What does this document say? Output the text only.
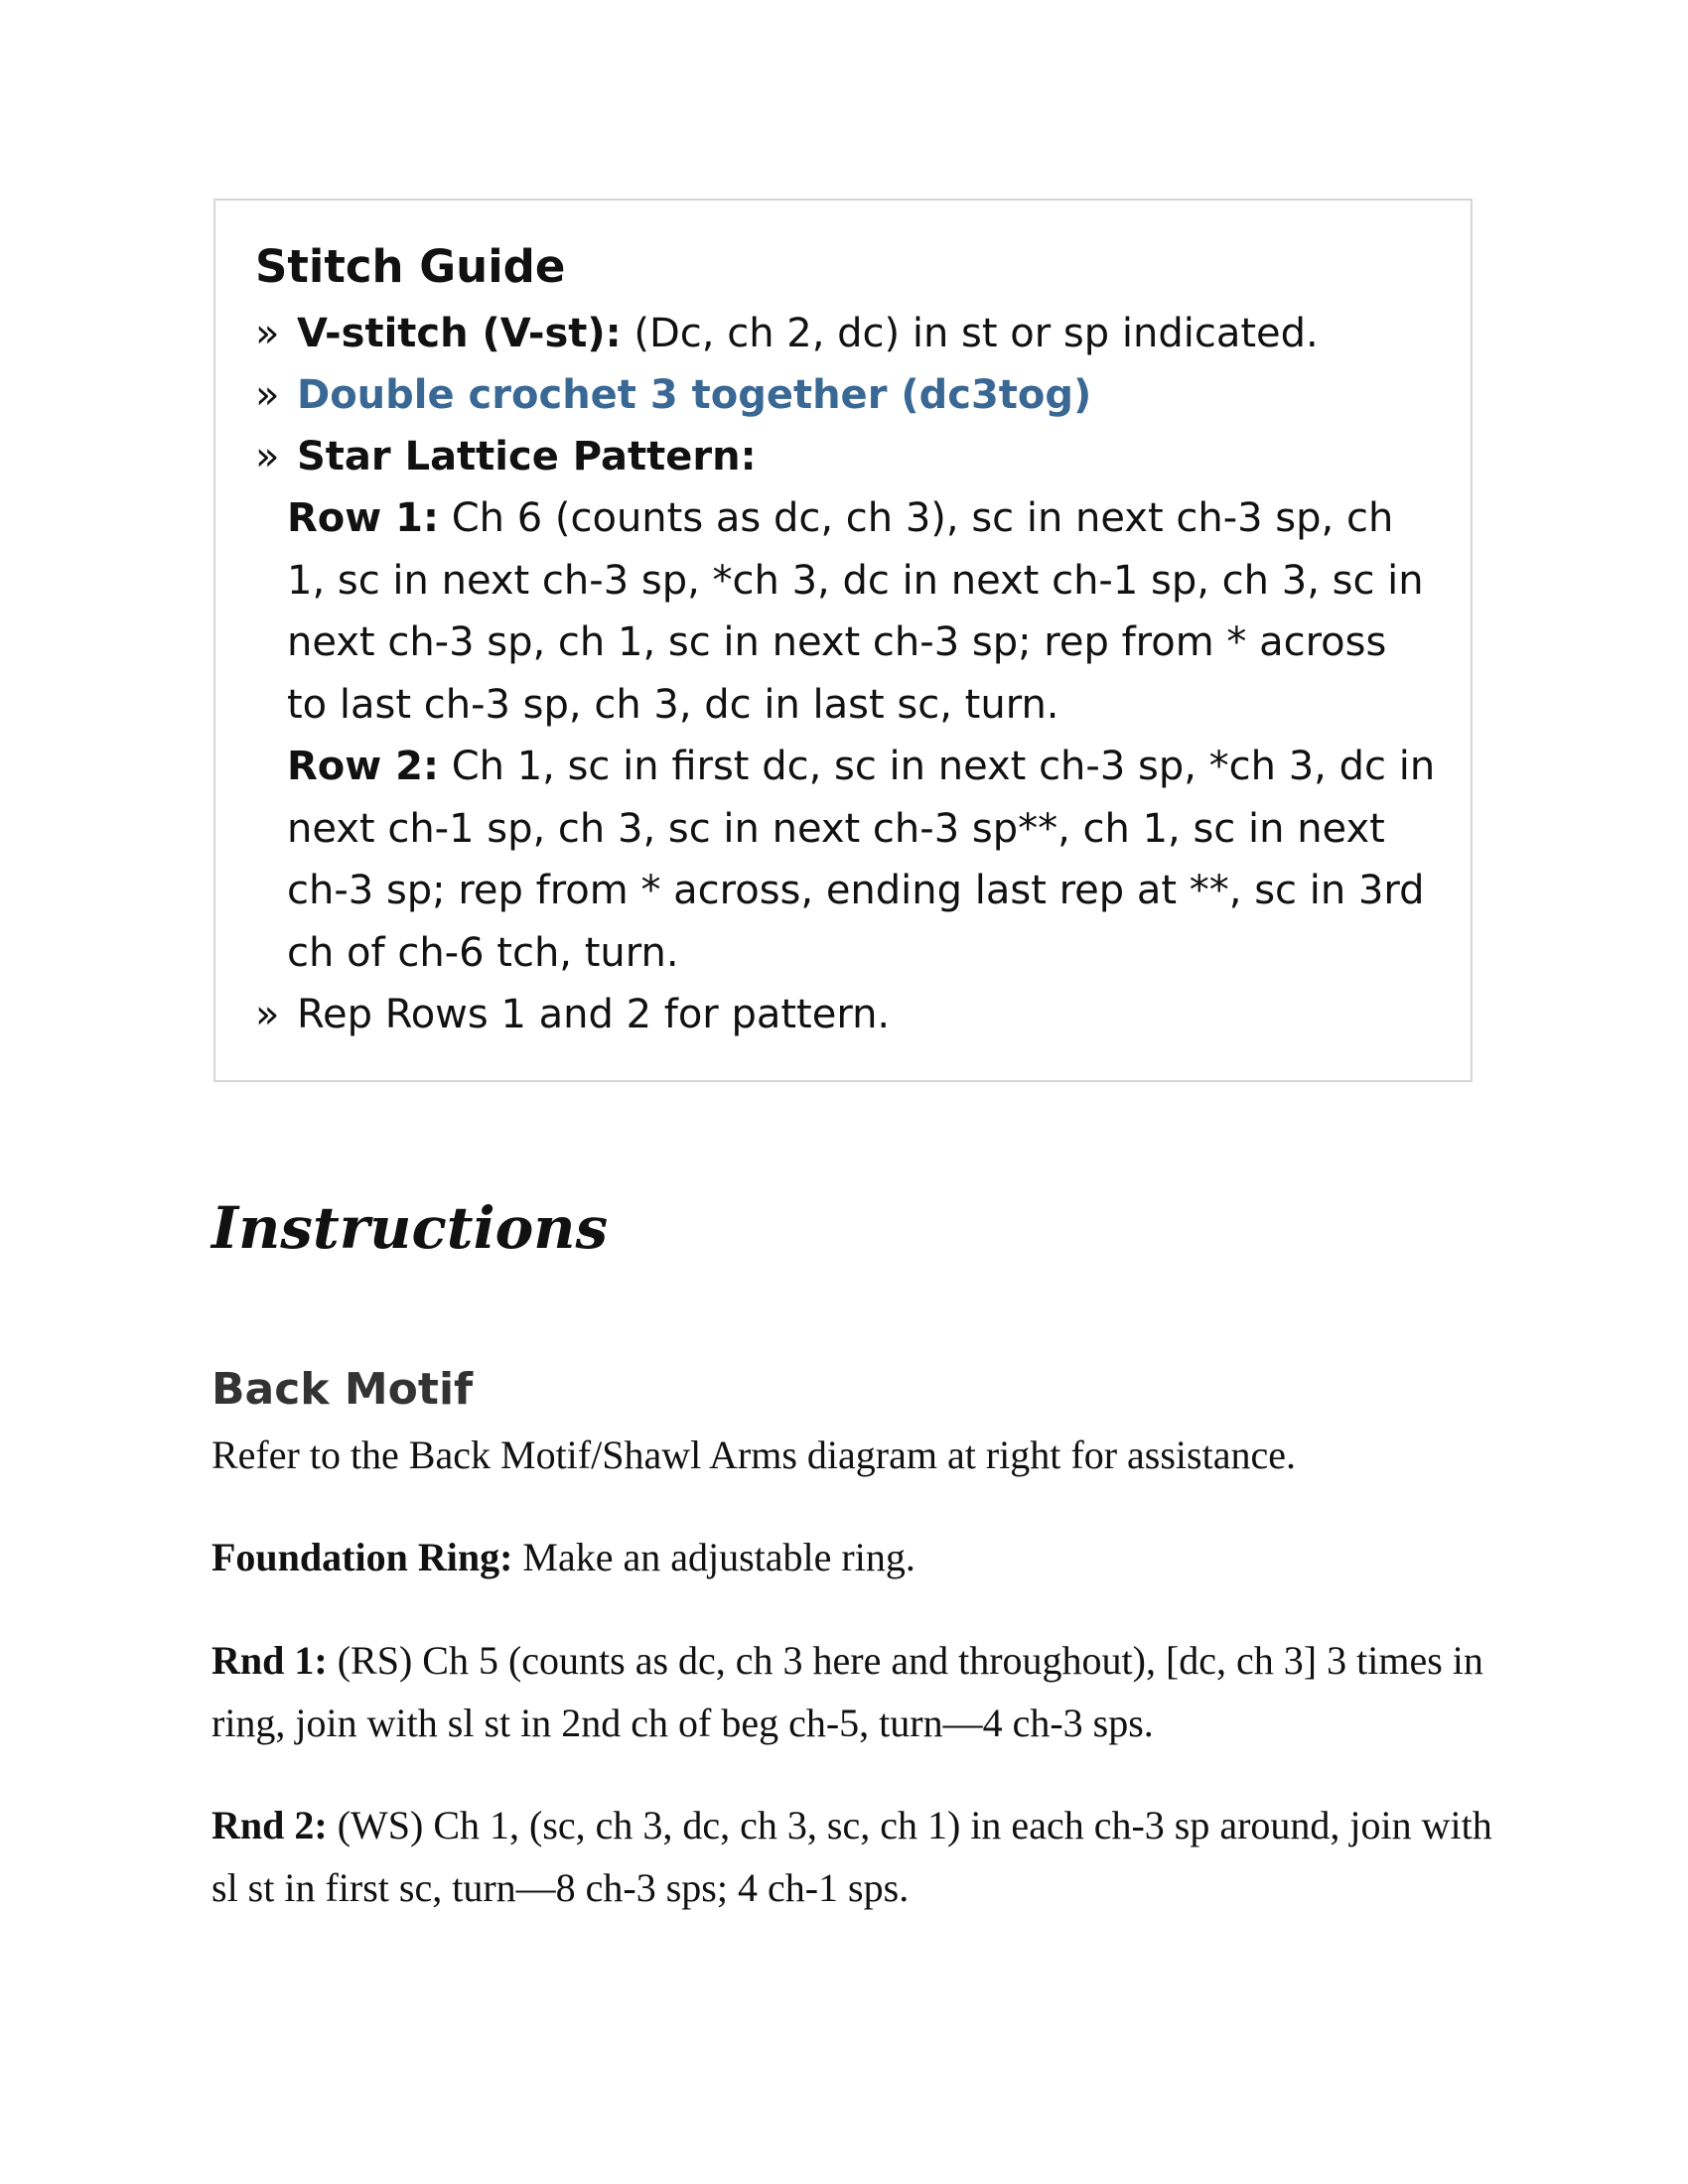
Stitch Guide

» V-stitch (V-st): (Dc, ch 2, dc) in st or sp indicated.

» Double crochet 3 together (dc3tog)

» Star Lattice Pattern:

Row 1: Ch 6 (counts as dc, ch 3), sc in next ch-3 sp, ch 1, sc in next ch-3 sp, *ch 3, dc in next ch-1 sp, ch 3, sc in next ch-3 sp, ch 1, sc in next ch-3 sp; rep from * across to last ch-3 sp, ch 3, dc in last sc, turn.

Row 2: Ch 1, sc in first dc, sc in next ch-3 sp, *ch 3, dc in next ch-1 sp, ch 3, sc in next ch-3 sp**, ch 1, sc in next ch-3 sp; rep from * across, ending last rep at **, sc in 3rd ch of ch-6 tch, turn.

» Rep Rows 1 and 2 for pattern.

Instructions
Back Motif

Refer to the Back Motif/Shawl Arms diagram at right for assistance.

Foundation Ring: Make an adjustable ring.

Rnd 1: (RS) Ch 5 (counts as dc, ch 3 here and throughout), [dc, ch 3] 3 times in ring, join with sl st in 2nd ch of beg ch-5, turn—4 ch-3 sps.

Rnd 2: (WS) Ch 1, (sc, ch 3, dc, ch 3, sc, ch 1) in each ch-3 sp around, join with sl st in first sc, turn—8 ch-3 sps; 4 ch-1 sps.
